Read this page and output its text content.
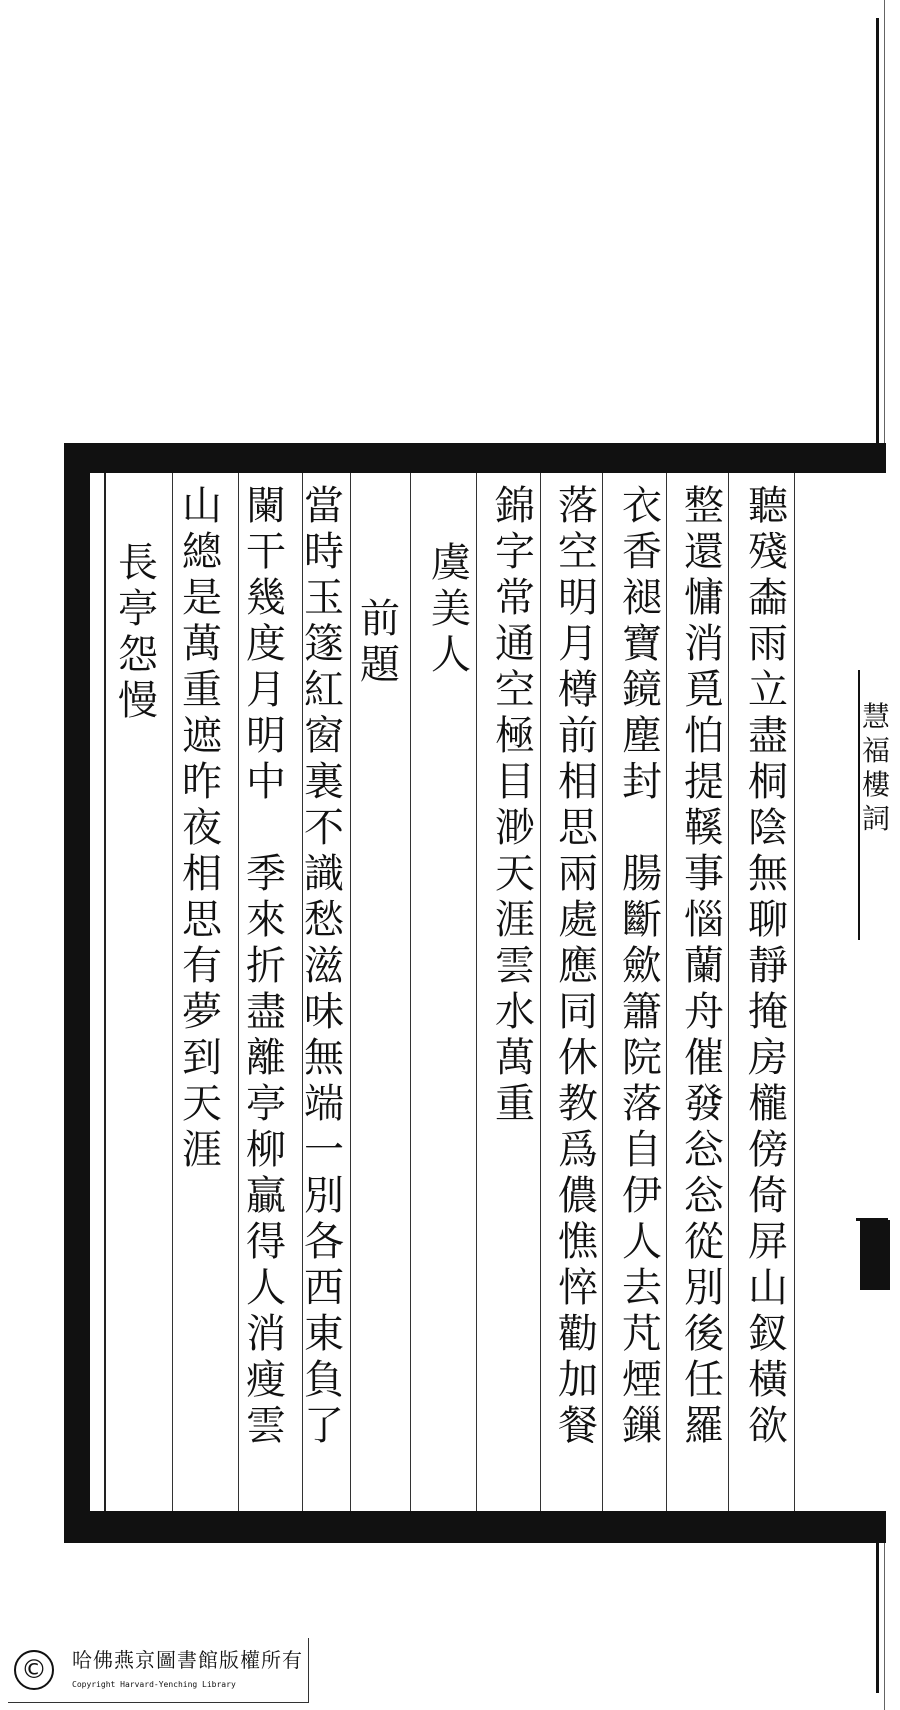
聽
殘
㮺
雨
立
盡
桐
陰
無
聊
靜
掩
房
櫳
傍
倚
屏
山
釵
橫
欲
整
還
慵
消
覓
怕
提
鞵
事
惱
蘭
舟
催
發
忩
忩
從
別
後
任
羅
衣
香
褪
寶
鏡
塵
封

腸
斷
歛
簫
院
落
自
伊
人
去
芃
煙
鏁
落
空
明
月
樽
前
相
思
兩
處
應
同
休
教
爲
儂
憔
悴
勸
加
餐
錦
字
常
通
空
極
目
渺
天
涯
雲
水
萬
重
虞
美
人
前
題
當
時
玉
篴
紅
窗
裏
不
識
愁
滋
味
無
端
一
別
各
西
東
負
了
闌
干
幾
度
月
明
中

季
來
折
盡
離
亭
柳
贏
得
人
消
瘦
雲
山
總
是
萬
重
遮
昨
夜
相
思
有
夢
到
天
涯
長
亭
怨
慢	慧
福
樓
詞
©	哈佛燕京圖書館版權所有
Copyright Harvard-Yenching Library
